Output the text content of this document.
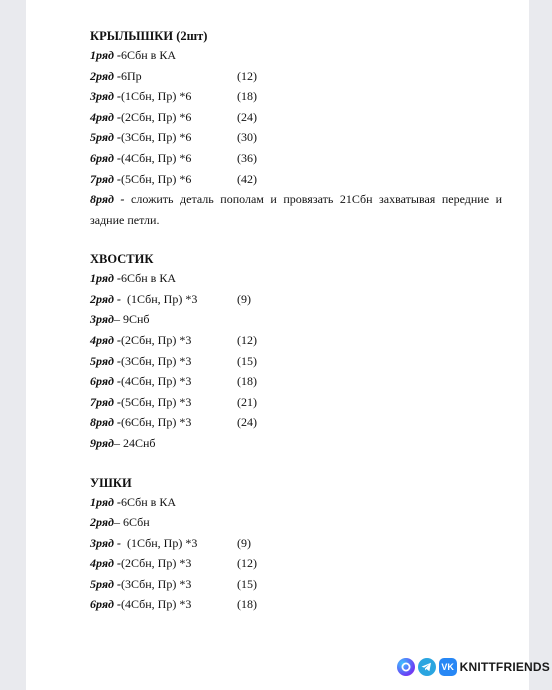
КРЫЛЫШКИ (2шт)

1ряд - 6Сбн в КА
2ряд - 6Пр	(12)
3ряд - (1Сбн, Пр) *6	(18)
4ряд - (2Сбн, Пр) *6	(24)
5ряд - (3Сбн, Пр) *6	(30)
6ряд - (4Сбн, Пр) *6	(36)
7ряд - (5Сбн, Пр) *6	(42)
8ряд - сложить деталь пополам и провязать 21Сбн захватывая передние и задние петли.

ХВОСТИК

1ряд - 6Сбн в КА
2ряд - (1Сбн, Пр) *3	(9)
3ряд – 9Снб
4ряд - (2Сбн, Пр) *3	(12)
5ряд - (3Сбн, Пр) *3	(15)
6ряд - (4Сбн, Пр) *3	(18)
7ряд - (5Сбн, Пр) *3	(21)
8ряд - (6Сбн, Пр) *3	(24)
9ряд – 24Снб

УШКИ

1ряд - 6Сбн в КА
2ряд – 6Сбн
3ряд - (1Сбн, Пр) *3	(9)
4ряд - (2Сбн, Пр) *3	(12)
5ряд - (3Сбн, Пр) *3	(15)
6ряд - (4Сбн, Пр) *3	(18)
VK KNITTFRIENDS
